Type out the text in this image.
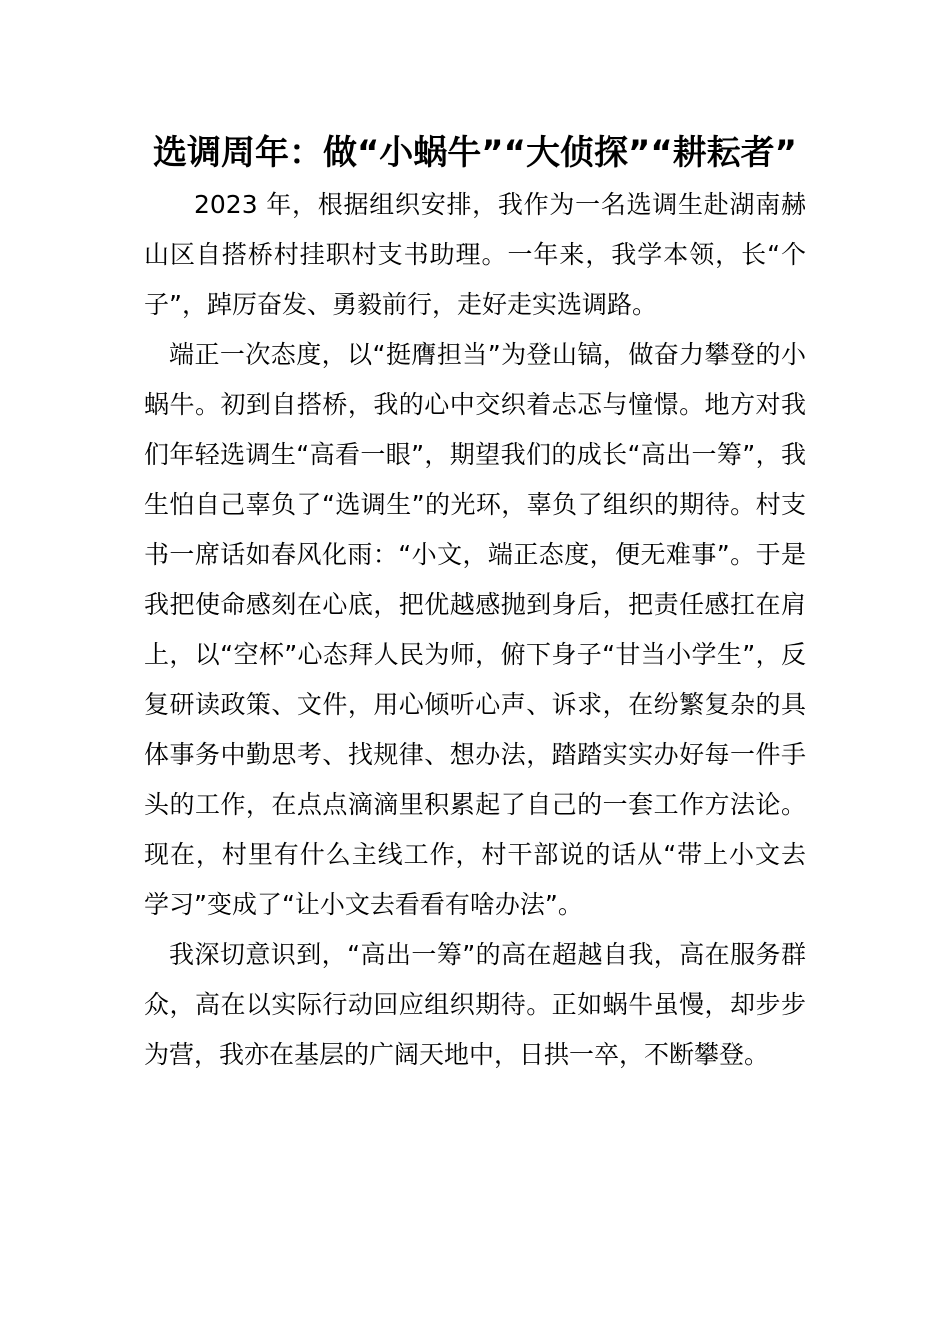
选调周年：做“小蜗牛”“大侦探”“耕耘者”

2023 年，根据组织安排，我作为一名选调生赴湖南赫山区自搭桥村挂职村支书助理。一年来，我学本领，长“个子”，踔厉奋发、勇毅前行，走好走实选调路。

端正一次态度，以“挺膺担当”为登山镐，做奋力攀登的小蜗牛。初到自搭桥，我的心中交织着忐忑与憧憬。地方对我们年轻选调生“高看一眼”，期望我们的成长“高出一筹”，我生怕自己辜负了“选调生”的光环，辜负了组织的期待。村支书一席话如春风化雨：“小文，端正态度，便无难事”。于是我把使命感刻在心底，把优越感抛到身后，把责任感扛在肩上，以“空杯”心态拜人民为师，俯下身子“甘当小学生”，反复研读政策、文件，用心倾听心声、诉求，在纷繁复杂的具体事务中勤思考、找规律、想办法，踏踏实实办好每一件手头的工作，在点点滴滴里积累起了自己的一套工作方法论。现在，村里有什么主线工作，村干部说的话从“带上小文去学习”变成了“让小文去看看有啥办法”。

我深切意识到，“高出一筹”的高在超越自我，高在服务群众，高在以实际行动回应组织期待。正如蜗牛虽慢，却步步为营，我亦在基层的广阔天地中，日拱一卒，不断攀登。
